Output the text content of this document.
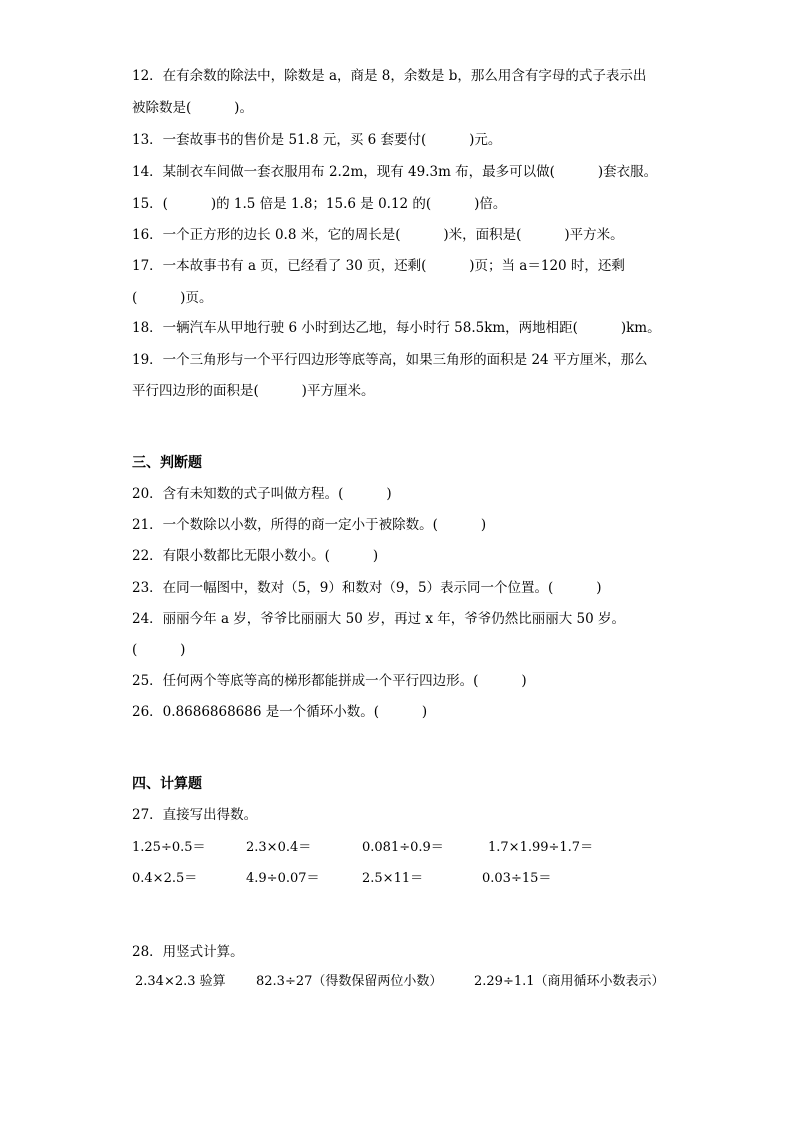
12．在有余数的除法中，除数是 a，商是 8，余数是 b，那么用含有字母的式子表示出
被除数是(          )。
13．一套故事书的售价是 51.8 元，买 6 套要付(          )元。
14．某制衣车间做一套衣服用布 2.2m，现有 49.3m 布，最多可以做(          )套衣服。
15．(          )的 1.5 倍是 1.8；15.6 是 0.12 的(          )倍。
16．一个正方形的边长 0.8 米，它的周长是(          )米，面积是(          )平方米。
17．一本故事书有 a 页，已经看了 30 页，还剩(          )页；当 a＝120 时，还剩
(          )页。
18．一辆汽车从甲地行驶 6 小时到达乙地，每小时行 58.5km，两地相距(          )km。
19．一个三角形与一个平行四边形等底等高，如果三角形的面积是 24 平方厘米，那么
平行四边形的面积是(          )平方厘米。
三、判断题
20．含有未知数的式子叫做方程。(          )
21．一个数除以小数，所得的商一定小于被除数。(          )
22．有限小数都比无限小数小。(          )
23．在同一幅图中，数对（5，9）和数对（9，5）表示同一个位置。(          )
24．丽丽今年 a 岁，爷爷比丽丽大 50 岁，再过 x 年，爷爷仍然比丽丽大 50 岁。
(          )
25．任何两个等底等高的梯形都能拼成一个平行四边形。(          )
26．0.8686868686 是一个循环小数。(          )
四、计算题
27．直接写出得数。
1.25÷0.5＝	2.3×0.4＝	0.081÷0.9＝	1.7×1.99÷1.7＝
0.4×2.5＝	4.9÷0.07＝	2.5×11＝	0.03÷15＝
28．用竖式计算。
2.34×2.3 验算 82.3÷27（得数保留两位小数） 2.29÷1.1（商用循环小数表示）
